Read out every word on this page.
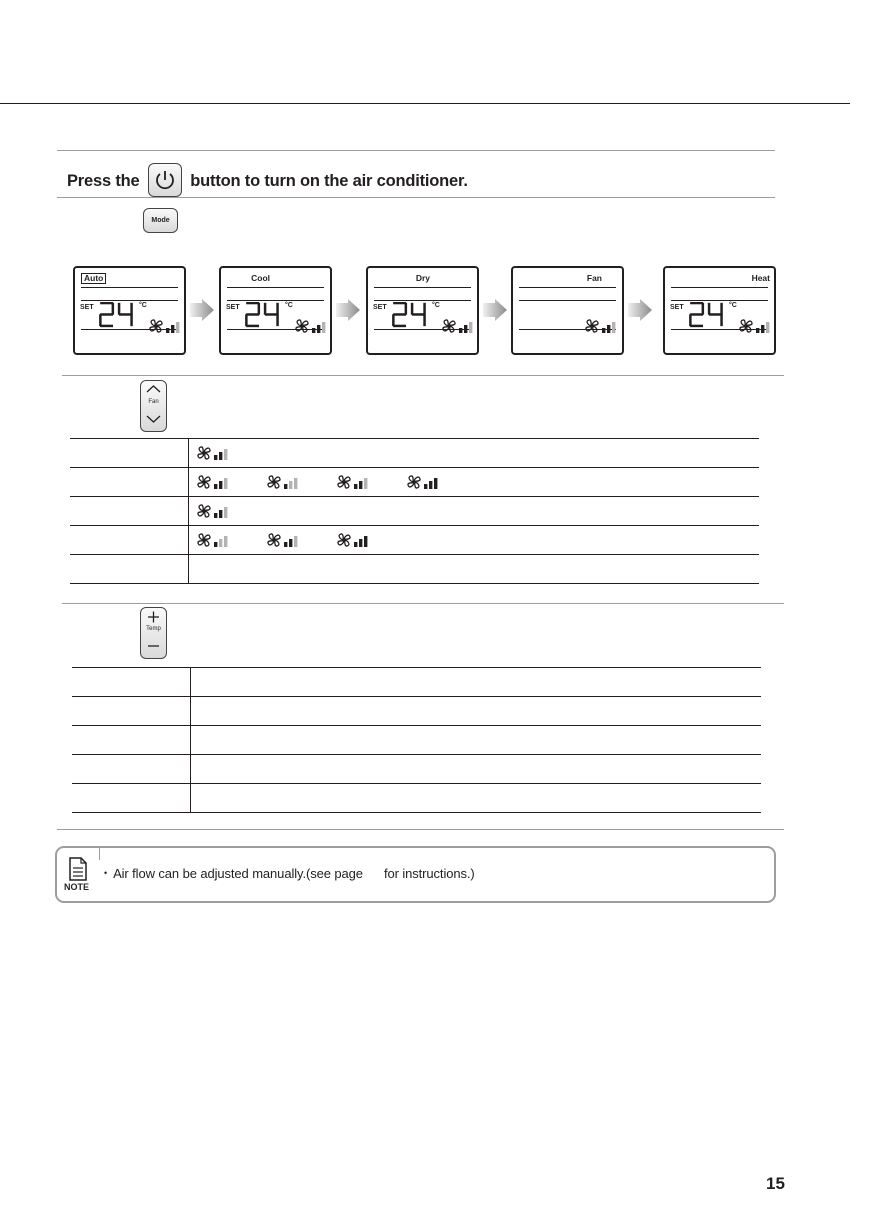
Press the	button to turn on the air conditioner.
Mode
Auto
SET	°C
Cool
SET	°C
Dry
SET	°C
Fan	Heat
SET	°C
Fan

Temp

NOTE
• Air flow can be adjusted manually.(see page      for instructions.)
15
